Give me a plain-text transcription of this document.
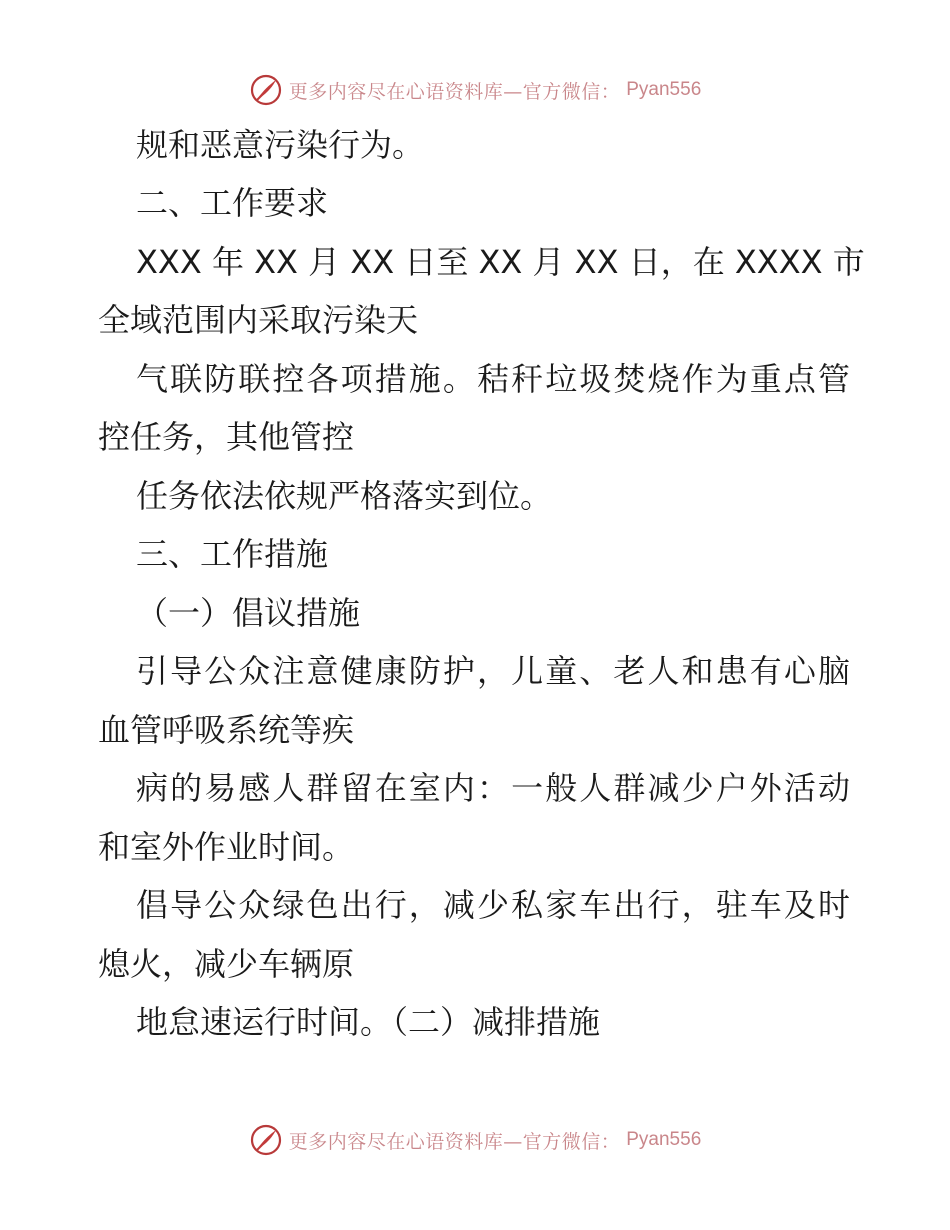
更多内容尽在心语资料库—官方微信： Pyan556
规和恶意污染行为。
二、工作要求
XXX 年 XX 月 XX 日至 XX 月 XX 日，在 XXXX 市
全域范围内采取污染天
气联防联控各项措施。秸秆垃圾焚烧作为重点管
控任务，其他管控
任务依法依规严格落实到位。
三、工作措施
（一）倡议措施
引导公众注意健康防护，儿童、老人和患有心脑
血管呼吸系统等疾
病的易感人群留在室内：一般人群减少户外活动
和室外作业时间。
倡导公众绿色出行，减少私家车出行，驻车及时
熄火，减少车辆原
地怠速运行时间。（二）减排措施
更多内容尽在心语资料库—官方微信： Pyan556
